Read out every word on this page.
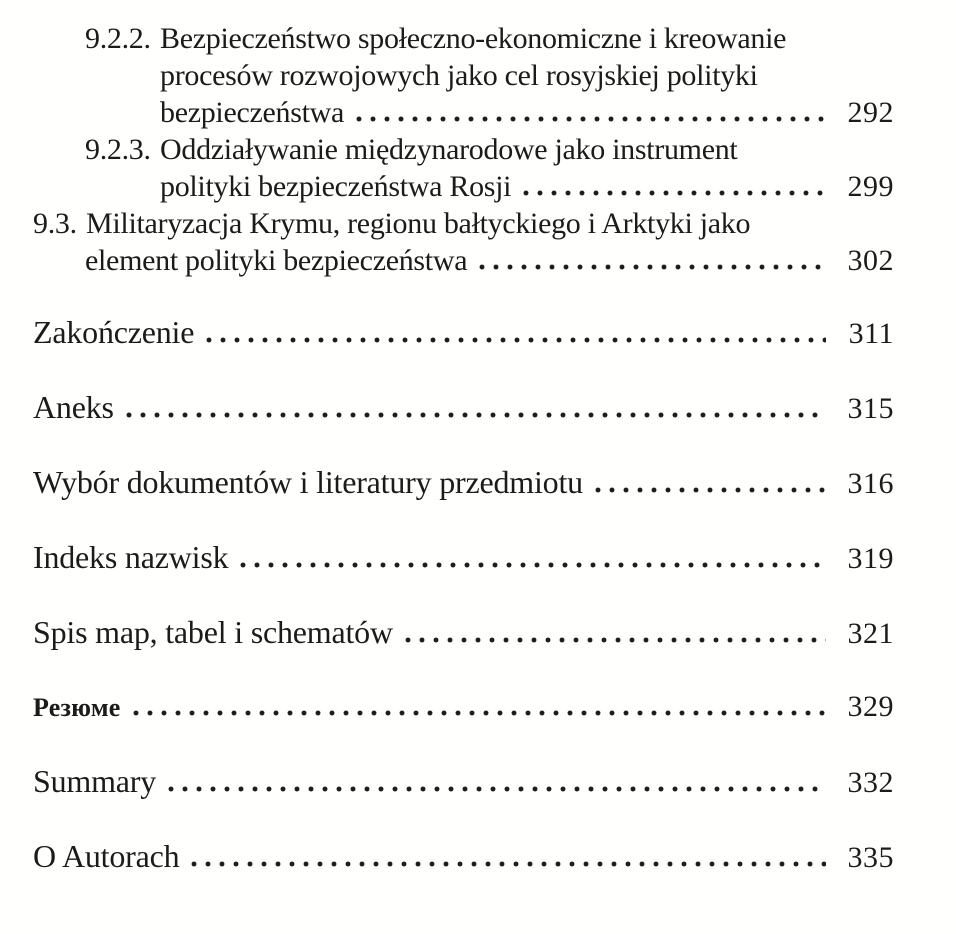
9.2.2. Bezpieczeństwo społeczno-ekonomiczne i kreowanie
procesów rozwojowych jako cel rosyjskiej polityki
bezpieczeństwa	292
9.2.3. Oddziaływanie międzynarodowe jako instrument
polityki bezpieczeństwa Rosji	299
9.3. Militaryzacja Krymu, regionu bałtyckiego i Arktyki jako
element polityki bezpieczeństwa	302
Zakończenie	311
Aneks	315
Wybór dokumentów i literatury przedmiotu	316
Indeks nazwisk	319
Spis map, tabel i schematów	321
Резюме	329
Summary	332
O Autorach	335
